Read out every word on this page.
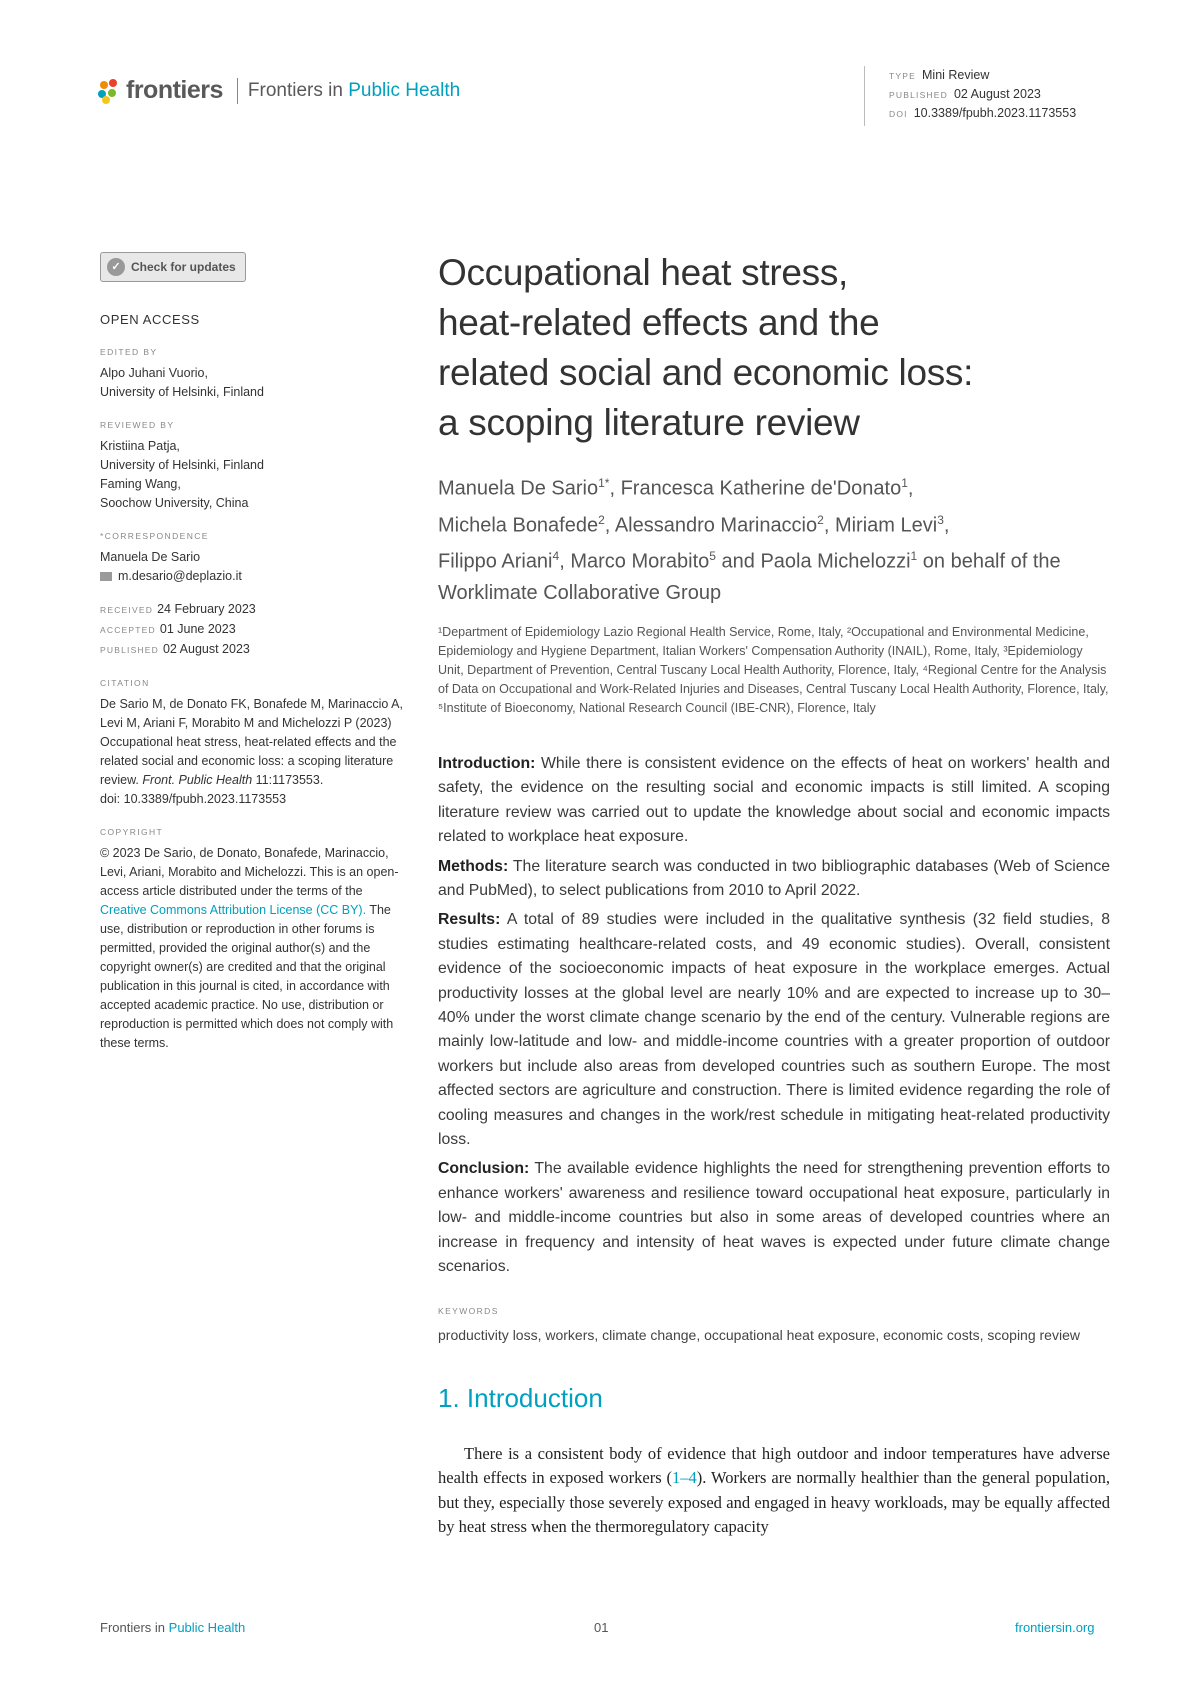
frontiers Frontiers in Public Health
TYPE Mini Review
PUBLISHED 02 August 2023
DOI 10.3389/fpubh.2023.1173553
✓ Check for updates
OPEN ACCESS
EDITED BY
Alpo Juhani Vuorio,
University of Helsinki, Finland
REVIEWED BY
Kristiina Patja,
University of Helsinki, Finland
Faming Wang,
Soochow University, China
*CORRESPONDENCE
Manuela De Sario
m.desario@deplazio.it
RECEIVED 24 February 2023
ACCEPTED 01 June 2023
PUBLISHED 02 August 2023
CITATION
De Sario M, de Donato FK, Bonafede M, Marinaccio A, Levi M, Ariani F, Morabito M and Michelozzi P (2023) Occupational heat stress, heat-related effects and the related social and economic loss: a scoping literature review. Front. Public Health 11:1173553.
doi: 10.3389/fpubh.2023.1173553
COPYRIGHT
© 2023 De Sario, de Donato, Bonafede, Marinaccio, Levi, Ariani, Morabito and Michelozzi. This is an open-access article distributed under the terms of the Creative Commons Attribution License (CC BY). The use, distribution or reproduction in other forums is permitted, provided the original author(s) and the copyright owner(s) are credited and that the original publication in this journal is cited, in accordance with accepted academic practice. No use, distribution or reproduction is permitted which does not comply with these terms.
Occupational heat stress,
heat-related effects and the
related social and economic loss:
a scoping literature review
Manuela De Sario$^{1*}$, Francesca Katherine de'Donato$^1$,
Michela Bonafede$^2$, Alessandro Marinaccio$^2$, Miriam Levi$^3$,
Filippo Ariani$^4$, Marco Morabito$^5$ and Paola Michelozzi$^1$ on behalf of the Worklimate Collaborative Group
¹Department of Epidemiology Lazio Regional Health Service, Rome, Italy, ²Occupational and Environmental Medicine, Epidemiology and Hygiene Department, Italian Workers' Compensation Authority (INAIL), Rome, Italy, ³Epidemiology Unit, Department of Prevention, Central Tuscany Local Health Authority, Florence, Italy, ⁴Regional Centre for the Analysis of Data on Occupational and Work-Related Injuries and Diseases, Central Tuscany Local Health Authority, Florence, Italy, ⁵Institute of Bioeconomy, National Research Council (IBE-CNR), Florence, Italy

Introduction: While there is consistent evidence on the effects of heat on workers' health and safety, the evidence on the resulting social and economic impacts is still limited. A scoping literature review was carried out to update the knowledge about social and economic impacts related to workplace heat exposure.

Methods: The literature search was conducted in two bibliographic databases (Web of Science and PubMed), to select publications from 2010 to April 2022.

Results: A total of 89 studies were included in the qualitative synthesis (32 field studies, 8 studies estimating healthcare-related costs, and 49 economic studies). Overall, consistent evidence of the socioeconomic impacts of heat exposure in the workplace emerges. Actual productivity losses at the global level are nearly 10% and are expected to increase up to 30–40% under the worst climate change scenario by the end of the century. Vulnerable regions are mainly low-latitude and low- and middle-income countries with a greater proportion of outdoor workers but include also areas from developed countries such as southern Europe. The most affected sectors are agriculture and construction. There is limited evidence regarding the role of cooling measures and changes in the work/rest schedule in mitigating heat-related productivity loss.

Conclusion: The available evidence highlights the need for strengthening prevention efforts to enhance workers' awareness and resilience toward occupational heat exposure, particularly in low- and middle-income countries but also in some areas of developed countries where an increase in frequency and intensity of heat waves is expected under future climate change scenarios.

KEYWORDS
productivity loss, workers, climate change, occupational heat exposure, economic costs, scoping review
1. Introduction
There is a consistent body of evidence that high outdoor and indoor temperatures have adverse health effects in exposed workers (1–4). Workers are normally healthier than the general population, but they, especially those severely exposed and engaged in heavy workloads, may be equally affected by heat stress when the thermoregulatory capacity
Frontiers in Public Health	01	frontiersin.org
